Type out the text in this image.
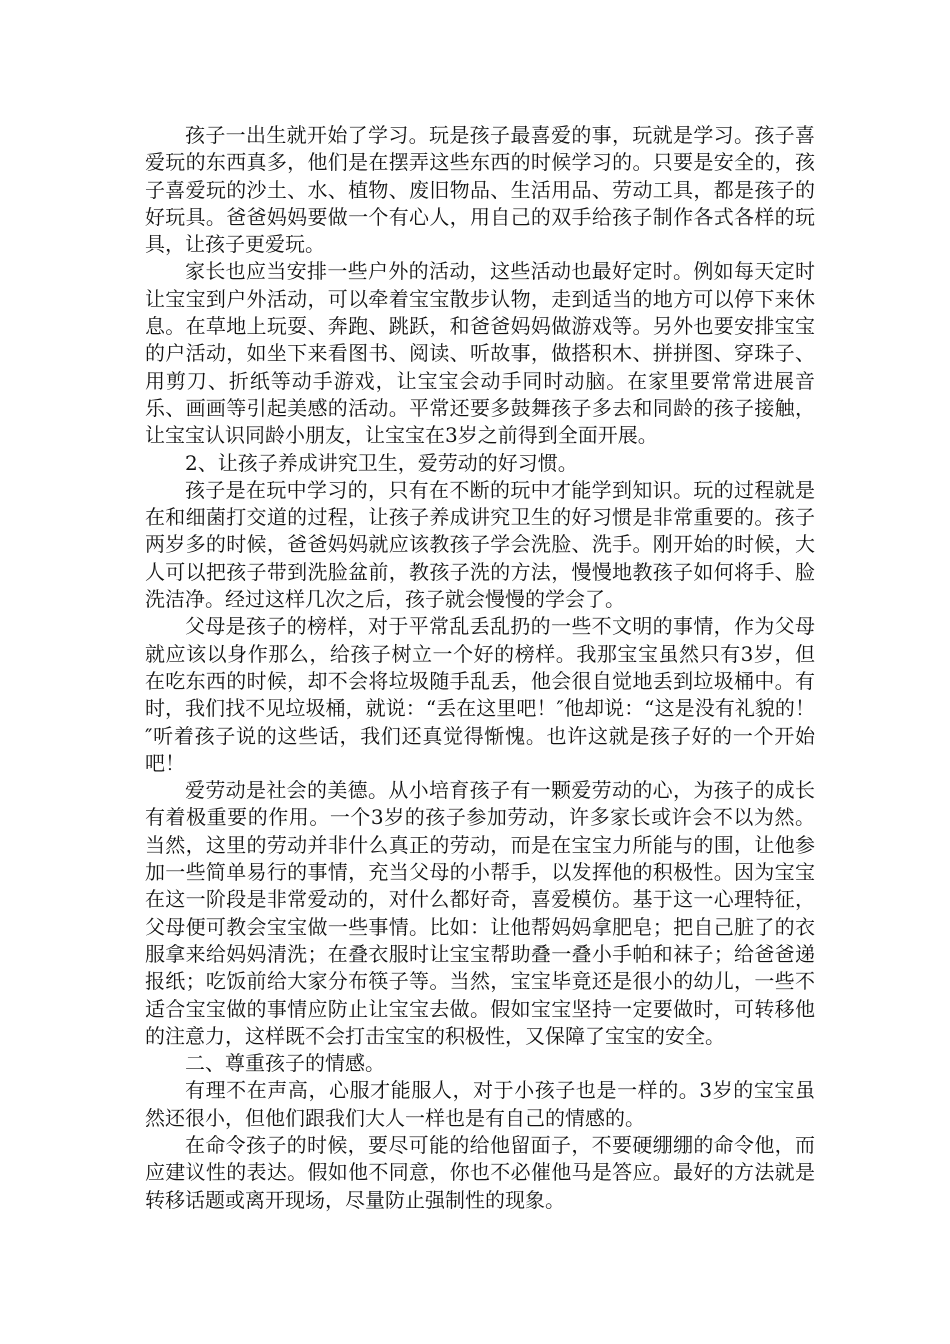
孩子一出生就开始了学习。玩是孩子最喜爱的事，玩就是学习。孩子喜爱玩的东西真多，他们是在摆弄这些东西的时候学习的。只要是安全的，孩子喜爱玩的沙土、水、植物、废旧物品、生活用品、劳动工具，都是孩子的好玩具。爸爸妈妈要做一个有心人，用自己的双手给孩子制作各式各样的玩具，让孩子更爱玩。

家长也应当安排一些户外的活动，这些活动也最好定时。例如每天定时让宝宝到户外活动，可以牵着宝宝散步认物，走到适当的地方可以停下来休息。在草地上玩耍、奔跑、跳跃，和爸爸妈妈做游戏等。另外也要安排宝宝的户活动，如坐下来看图书、阅读、听故事，做搭积木、拼拼图、穿珠子、用剪刀、折纸等动手游戏，让宝宝会动手同时动脑。在家里要常常进展音乐、画画等引起美感的活动。平常还要多鼓舞孩子多去和同龄的孩子接触，让宝宝认识同龄小朋友，让宝宝在3岁之前得到全面开展。

2、让孩子养成讲究卫生，爱劳动的好习惯。

孩子是在玩中学习的，只有在不断的玩中才能学到知识。玩的过程就是在和细菌打交道的过程，让孩子养成讲究卫生的好习惯是非常重要的。孩子两岁多的时候，爸爸妈妈就应该教孩子学会洗脸、洗手。刚开始的时候，大人可以把孩子带到洗脸盆前，教孩子洗的方法，慢慢地教孩子如何将手、脸洗洁净。经过这样几次之后，孩子就会慢慢的学会了。

父母是孩子的榜样，对于平常乱丢乱扔的一些不文明的事情，作为父母就应该以身作那么，给孩子树立一个好的榜样。我那宝宝虽然只有3岁，但在吃东西的时候，却不会将垃圾随手乱丢，他会很自觉地丢到垃圾桶中。有时，我们找不见垃圾桶，就说：“丢在这里吧！″他却说：“这是没有礼貌的！″听着孩子说的这些话，我们还真觉得惭愧。也许这就是孩子好的一个开始吧！

爱劳动是社会的美德。从小培育孩子有一颗爱劳动的心，为孩子的成长有着极重要的作用。一个3岁的孩子参加劳动，许多家长或许会不以为然。当然，这里的劳动并非什么真正的劳动，而是在宝宝力所能与的围，让他参加一些简单易行的事情，充当父母的小帮手，以发挥他的积极性。因为宝宝在这一阶段是非常爱动的，对什么都好奇，喜爱模仿。基于这一心理特征，父母便可教会宝宝做一些事情。比如：让他帮妈妈拿肥皂；把自己脏了的衣服拿来给妈妈清洗；在叠衣服时让宝宝帮助叠一叠小手帕和袜子；给爸爸递报纸；吃饭前给大家分布筷子等。当然，宝宝毕竟还是很小的幼儿，一些不适合宝宝做的事情应防止让宝宝去做。假如宝宝坚持一定要做时，可转移他的注意力，这样既不会打击宝宝的积极性，又保障了宝宝的安全。

二、尊重孩子的情感。

有理不在声高，心服才能服人，对于小孩子也是一样的。3岁的宝宝虽然还很小，但他们跟我们大人一样也是有自己的情感的。

在命令孩子的时候，要尽可能的给他留面子，不要硬绷绷的命令他，而应建议性的表达。假如他不同意，你也不必催他马是答应。最好的方法就是转移话题或离开现场，尽量防止强制性的现象。
